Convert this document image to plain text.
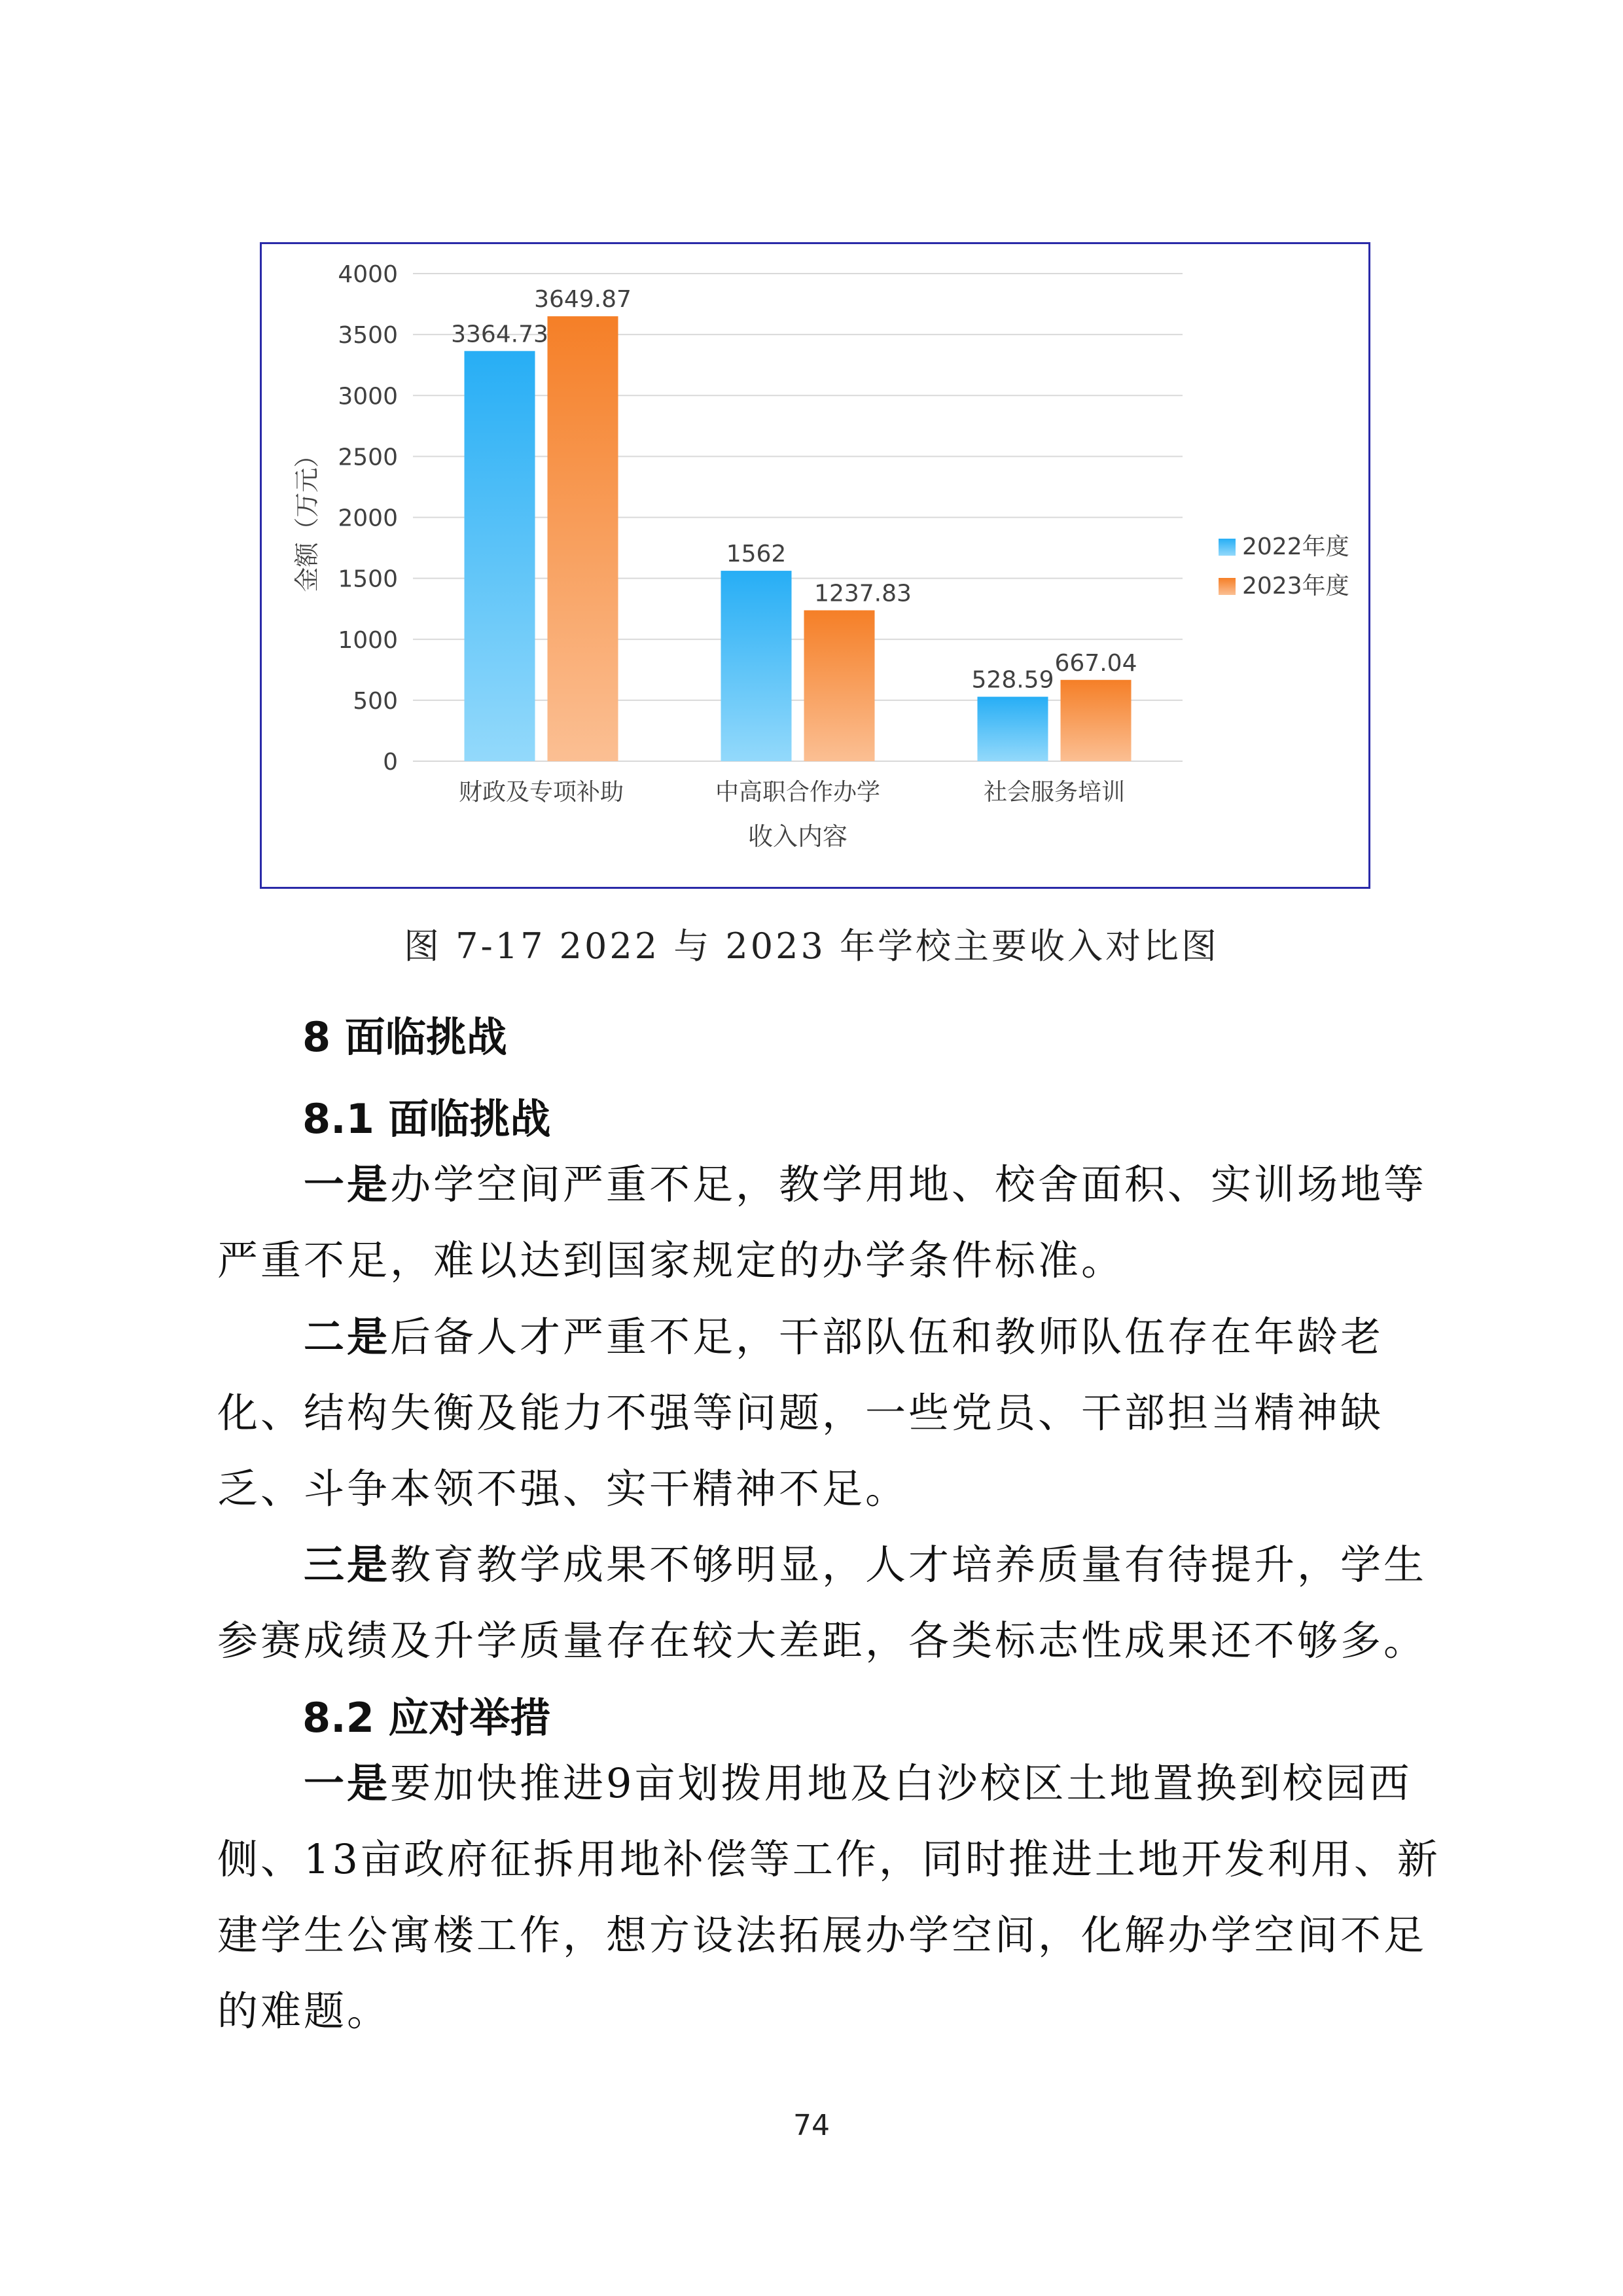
0
500
1000
1500
2000
2500
3000
3500
4000
金额（万元）
3364.73
3649.87
财政及专项补助
1562
1237.83
中高职合作办学
528.59
667.04
社会服务培训
收入内容
2022年度
2023年度
图 7-17 2022 与 2023 年学校主要收入对比图
8 面临挑战
8.1 面临挑战
一是办学空间严重不足，教学用地、校舍面积、实训场地等严重不足，难以达到国家规定的办学条件标准。
二是后备人才严重不足，干部队伍和教师队伍存在年龄老化、结构失衡及能力不强等问题，一些党员、干部担当精神缺乏、斗争本领不强、实干精神不足。
三是教育教学成果不够明显，人才培养质量有待提升，学生参赛成绩及升学质量存在较大差距，各类标志性成果还不够多。
8.2 应对举措
一是要加快推进9亩划拨用地及白沙校区土地置换到校园西侧、13亩政府征拆用地补偿等工作，同时推进土地开发利用、新建学生公寓楼工作，想方设法拓展办学空间，化解办学空间不足的难题。
74
